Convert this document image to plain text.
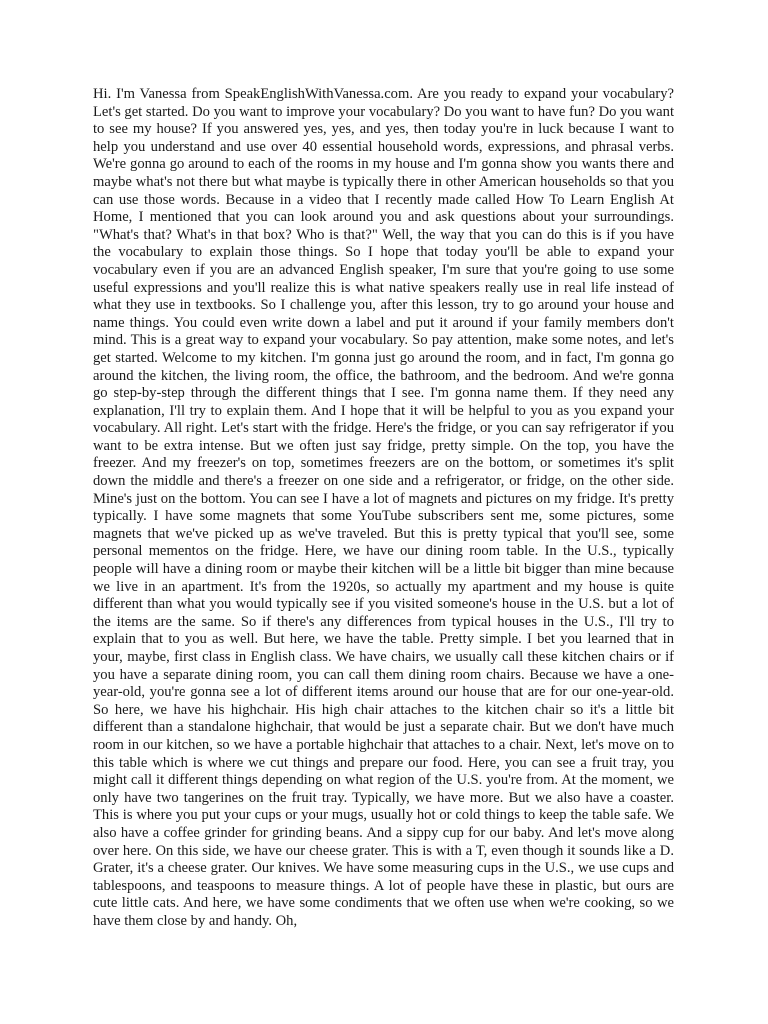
Hi. I'm Vanessa from SpeakEnglishWithVanessa.com. Are you ready to expand your vocabulary? Let's get started. Do you want to improve your vocabulary? Do you want to have fun? Do you want to see my house? If you answered yes, yes, and yes, then today you're in luck because I want to help you understand and use over 40 essential household words, expressions, and phrasal verbs. We're gonna go around to each of the rooms in my house and I'm gonna show you wants there and maybe what's not there but what maybe is typically there in other American households so that you can use those words. Because in a video that I recently made called How To Learn English At Home, I mentioned that you can look around you and ask questions about your surroundings. "What's that? What's in that box? Who is that?" Well, the way that you can do this is if you have the vocabulary to explain those things. So I hope that today you'll be able to expand your vocabulary even if you are an advanced English speaker, I'm sure that you're going to use some useful expressions and you'll realize this is what native speakers really use in real life instead of what they use in textbooks. So I challenge you, after this lesson, try to go around your house and name things. You could even write down a label and put it around if your family members don't mind. This is a great way to expand your vocabulary. So pay attention, make some notes, and let's get started. Welcome to my kitchen. I'm gonna just go around the room, and in fact, I'm gonna go around the kitchen, the living room, the office, the bathroom, and the bedroom. And we're gonna go step-by-step through the different things that I see. I'm gonna name them. If they need any explanation, I'll try to explain them. And I hope that it will be helpful to you as you expand your vocabulary. All right. Let's start with the fridge. Here's the fridge, or you can say refrigerator if you want to be extra intense. But we often just say fridge, pretty simple. On the top, you have the freezer. And my freezer's on top, sometimes freezers are on the bottom, or sometimes it's split down the middle and there's a freezer on one side and a refrigerator, or fridge, on the other side. Mine's just on the bottom. You can see I have a lot of magnets and pictures on my fridge. It's pretty typically. I have some magnets that some YouTube subscribers sent me, some pictures, some magnets that we've picked up as we've traveled. But this is pretty typical that you'll see, some personal mementos on the fridge. Here, we have our dining room table. In the U.S., typically people will have a dining room or maybe their kitchen will be a little bit bigger than mine because we live in an apartment. It's from the 1920s, so actually my apartment and my house is quite different than what you would typically see if you visited someone's house in the U.S. but a lot of the items are the same. So if there's any differences from typical houses in the U.S., I'll try to explain that to you as well. But here, we have the table. Pretty simple. I bet you learned that in your, maybe, first class in English class. We have chairs, we usually call these kitchen chairs or if you have a separate dining room, you can call them dining room chairs. Because we have a one-year-old, you're gonna see a lot of different items around our house that are for our one-year-old. So here, we have his highchair. His high chair attaches to the kitchen chair so it's a little bit different than a standalone highchair, that would be just a separate chair. But we don't have much room in our kitchen, so we have a portable highchair that attaches to a chair. Next, let's move on to this table which is where we cut things and prepare our food. Here, you can see a fruit tray, you might call it different things depending on what region of the U.S. you're from. At the moment, we only have two tangerines on the fruit tray. Typically, we have more. But we also have a coaster. This is where you put your cups or your mugs, usually hot or cold things to keep the table safe. We also have a coffee grinder for grinding beans. And a sippy cup for our baby. And let's move along over here. On this side, we have our cheese grater. This is with a T, even though it sounds like a D. Grater, it's a cheese grater. Our knives. We have some measuring cups in the U.S., we use cups and tablespoons, and teaspoons to measure things. A lot of people have these in plastic, but ours are cute little cats. And here, we have some condiments that we often use when we're cooking, so we have them close by and handy. Oh,
